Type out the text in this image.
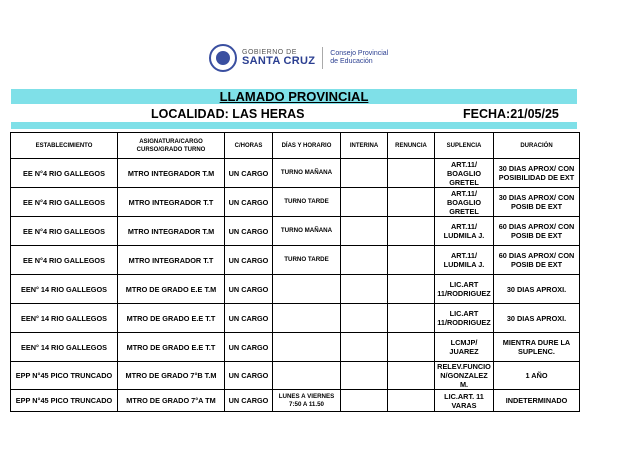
GOBIERNO DE
SANTA CRUZ
Consejo Provincial
de Educación
LLAMADO PROVINCIAL
LOCALIDAD: LAS HERAS	FECHA:21/05/25
ESTABLECIMIENTO	ASIGNATURA/CARGO CURSO/GRADO TURNO	C/HORAS	DÍAS Y HORARIO	INTERINA	RENUNCIA	SUPLENCIA	DURACIÓN
EE N°4 RIO GALLEGOS	MTRO INTEGRADOR T.M	UN CARGO	TURNO MAÑANA			ART.11/ BOAGLIO GRETEL	30 DIAS APROX/ CON POSIBILIDAD DE EXT
EE N°4 RIO GALLEGOS	MTRO INTEGRADOR T.T	UN CARGO	TURNO TARDE			ART.11/ BOAGLIO GRETEL	30 DIAS APROX/ CON POSIB DE EXT
EE N°4 RIO GALLEGOS	MTRO INTEGRADOR T.M	UN CARGO	TURNO MAÑANA			ART.11/ LUDMILA J.	60 DIAS APROX/ CON POSIB DE EXT
EE N°4 RIO GALLEGOS	MTRO INTEGRADOR T.T	UN CARGO	TURNO TARDE			ART.11/ LUDMILA J.	60 DIAS APROX/ CON POSIB DE EXT
EEN° 14 RIO GALLEGOS	MTRO DE GRADO E.E T.M	UN CARGO				LIC.ART 11/RODRIGUEZ	30 DIAS APROXI.
EEN° 14 RIO GALLEGOS	MTRO DE GRADO E.E T.T	UN CARGO				LIC.ART 11/RODRIGUEZ	30 DIAS APROXI.
EEN° 14 RIO GALLEGOS	MTRO DE GRADO E.E T.T	UN CARGO				LCMJP/ JUAREZ	MIENTRA DURE LA SUPLENC.
EPP N°45 PICO TRUNCADO	MTRO DE GRADO 7°B T.M	UN CARGO				RELEV.FUNCIO N/GONZALEZ M.	1 AÑO
EPP N°45 PICO TRUNCADO	MTRO DE GRADO 7°A TM	UN CARGO	LUNES A VIERNES 7:50 A 11.50			LIC.ART. 11 VARAS	INDETERMINADO
